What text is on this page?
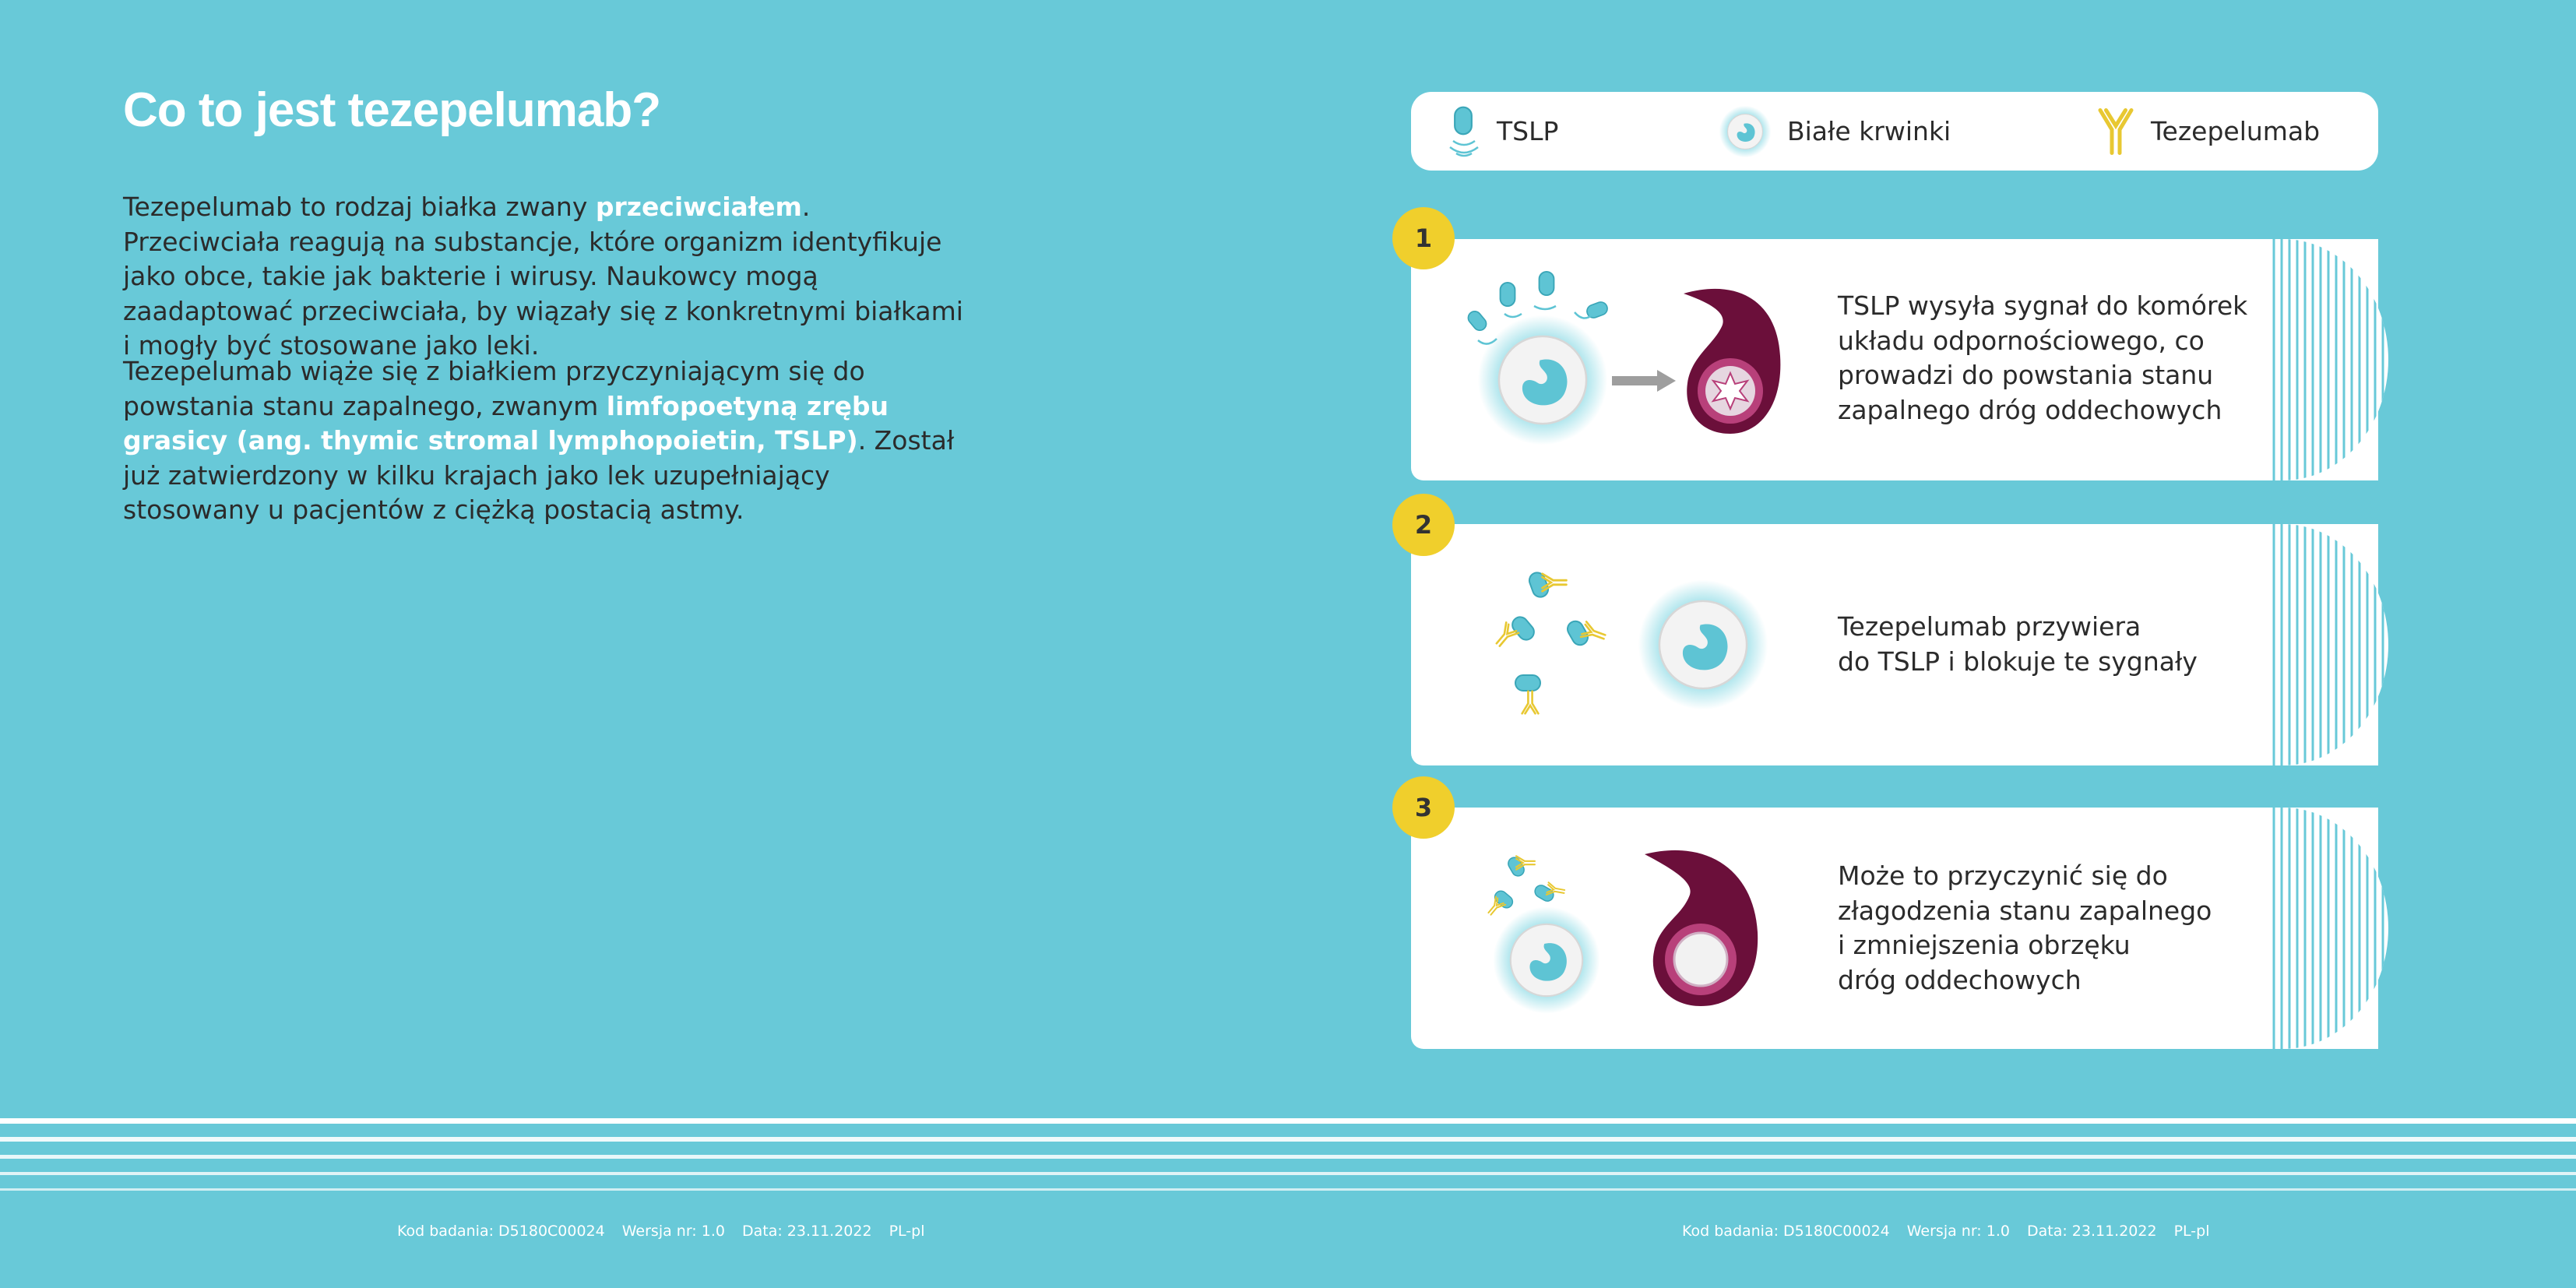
Co to jest tezepelumab?

Tezepelumab to rodzaj białka zwany przeciwciałem. Przeciwciała reagują na substancje, które organizm identyfikuje jako obce, takie jak bakterie i wirusy. Naukowcy mogą zaadaptować przeciwciała, by wiązały się z konkretnymi białkami i mogły być stosowane jako leki.

Tezepelumab wiąże się z białkiem przyczyniającym się do powstania stanu zapalnego, zwanym limfopoetyną zrębu grasicy (ang. thymic stromal lymphopoietin, TSLP). Został już zatwierdzony w kilku krajach jako lek uzupełniający stosowany u pacjentów z ciężką postacią astmy.

TSLP	Białe krwinki	Tezepelumab

TSLP wysyła sygnał do komórek
układu odpornościowego, co
prowadzi do powstania stanu
zapalnego dróg oddechowych

1

Tezepelumab przywiera
do TSLP i blokuje te sygnały

2

Może to przyczynić się do
złagodzenia stanu zapalnego
i zmniejszenia obrzęku
dróg oddechowych

3
Kod badania: D5180C00024 Wersja nr: 1.0 Data: 23.11.2022 PL-pl	Kod badania: D5180C00024 Wersja nr: 1.0 Data: 23.11.2022 PL-pl
